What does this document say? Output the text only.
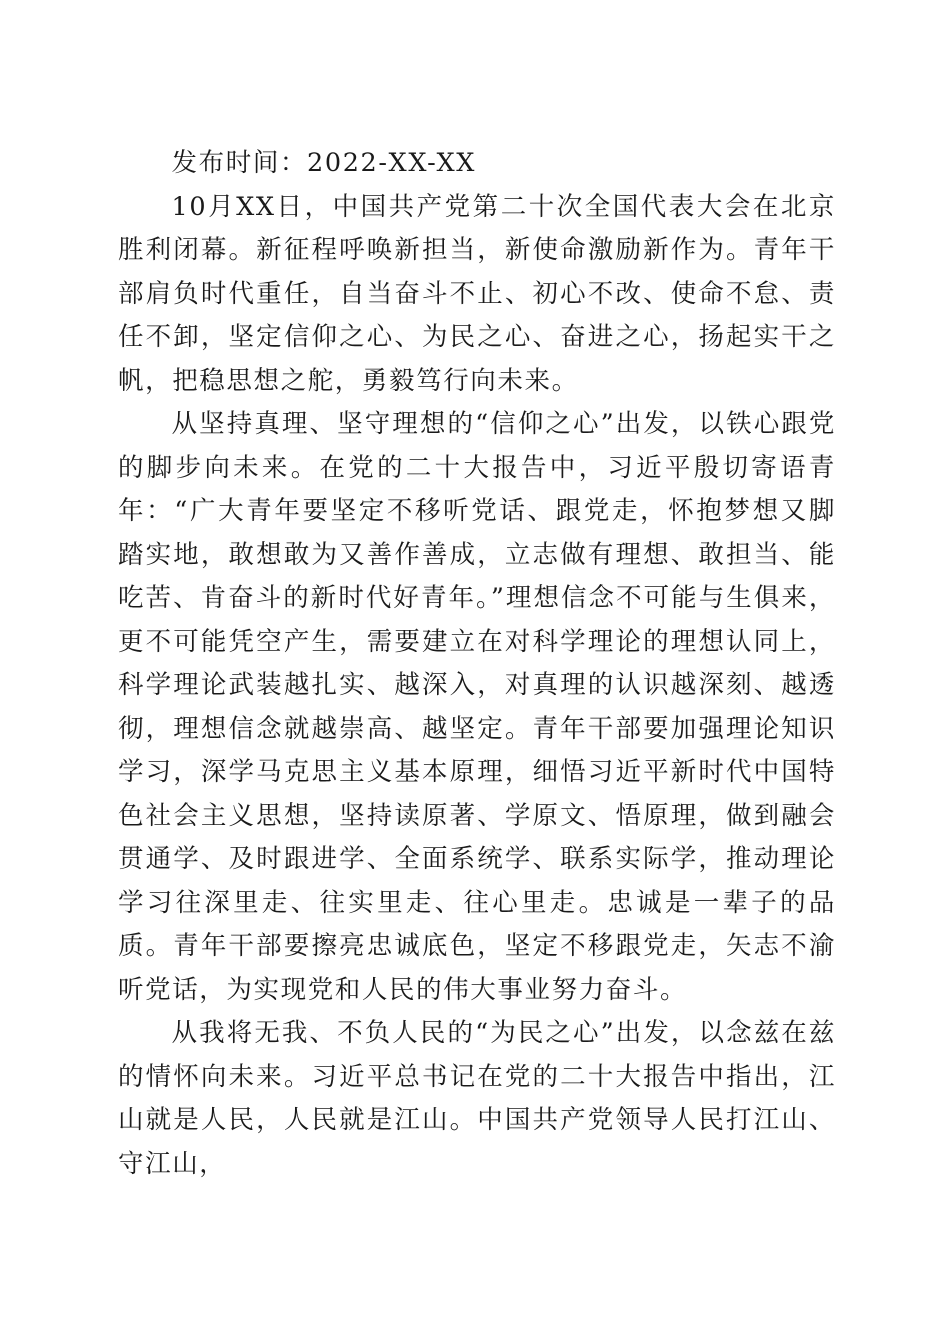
发布时间：2022-XX-XX

10月XX日，中国共产党第二十次全国代表大会在北京胜利闭幕。新征程呼唤新担当，新使命激励新作为。青年干部肩负时代重任，自当奋斗不止、初心不改、使命不怠、责任不卸，坚定信仰之心、为民之心、奋进之心，扬起实干之帆，把稳思想之舵，勇毅笃行向未来。

从坚持真理、坚守理想的“信仰之心”出发，以铁心跟党的脚步向未来。在党的二十大报告中，习近平殷切寄语青年：“广大青年要坚定不移听党话、跟党走，怀抱梦想又脚踏实地，敢想敢为又善作善成，立志做有理想、敢担当、能吃苦、肯奋斗的新时代好青年。”理想信念不可能与生俱来，更不可能凭空产生，需要建立在对科学理论的理想认同上，科学理论武装越扎实、越深入，对真理的认识越深刻、越透彻，理想信念就越崇高、越坚定。青年干部要加强理论知识学习，深学马克思主义基本原理，细悟习近平新时代中国特色社会主义思想，坚持读原著、学原文、悟原理，做到融会贯通学、及时跟进学、全面系统学、联系实际学，推动理论学习往深里走、往实里走、往心里走。忠诚是一辈子的品质。青年干部要擦亮忠诚底色，坚定不移跟党走，矢志不渝听党话，为实现党和人民的伟大事业努力奋斗。

从我将无我、不负人民的“为民之心”出发，以念兹在兹的情怀向未来。习近平总书记在党的二十大报告中指出，江山就是人民，人民就是江山。中国共产党领导人民打江山、守江山，
